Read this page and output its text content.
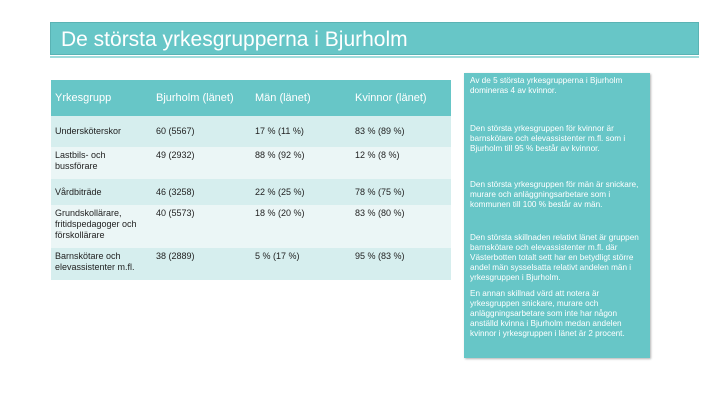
De största yrkesgrupperna i Bjurholm
Yrkesgrupp	Bjurholm (länet)	Män (länet)	Kvinnor (länet)
Undersköterskor	60 (5567)	17 % (11 %)	83 % (89 %)
Lastbils- och bussförare	49 (2932)	88 % (92 %)	12 % (8 %)
Vårdbiträde	46 (3258)	22 % (25 %)	78 % (75 %)
Grundskollärare, fritidspedagoger och förskollärare	40 (5573)	18 % (20 %)	83 % (80 %)
Barnskötare och elevassistenter m.fl.	38 (2889)	5 % (17 %)	95 % (83 %)

Av de 5 största yrkesgrupperna i Bjurholm domineras 4 av kvinnor.

Den största yrkesgruppen för kvinnor är barnskötare och elevassistenter m.fl. som i Bjurholm till 95 % består av kvinnor.

Den största yrkesgruppen för män är snickare, murare och anläggningsarbetare som i kommunen till 100 % består av män.

Den största skillnaden relativt länet är gruppen barnskötare och elevassistenter m.fl. där Västerbotten totalt sett har en betydligt större andel män sysselsatta relativt andelen män i yrkesgruppen i Bjurholm.

En annan skillnad värd att notera är yrkesgruppen snickare, murare och anläggningsarbetare som inte har någon anställd kvinna i Bjurholm medan andelen kvinnor i yrkesgruppen i länet är 2 procent.
